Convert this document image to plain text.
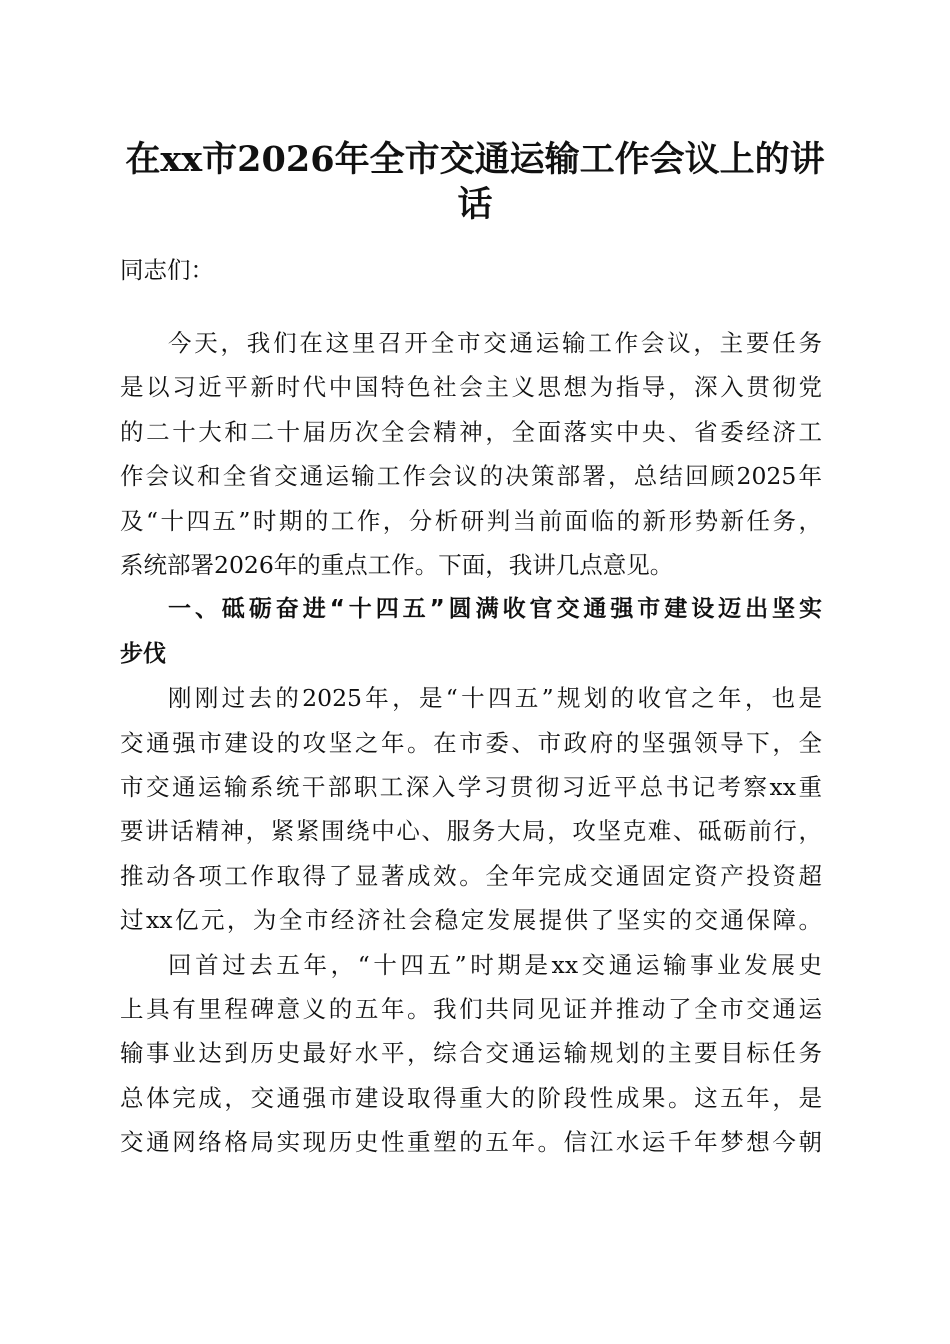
在xx市2026年全市交通运输工作会议上的讲
话
同志们：
今天，我们在这里召开全市交通运输工作会议，主要任务
是以习近平新时代中国特色社会主义思想为指导，深入贯彻党
的二十大和二十届历次全会精神，全面落实中央、省委经济工
作会议和全省交通运输工作会议的决策部署，总结回顾2025年
及“十四五”时期的工作，分析研判当前面临的新形势新任务，
系统部署2026年的重点工作。下面，我讲几点意见。
一、砥砺奋进“十四五”圆满收官交通强市建设迈出坚实
步伐
刚刚过去的2025年，是“十四五”规划的收官之年，也是
交通强市建设的攻坚之年。在市委、市政府的坚强领导下，全
市交通运输系统干部职工深入学习贯彻习近平总书记考察xx重
要讲话精神，紧紧围绕中心、服务大局，攻坚克难、砥砺前行，
推动各项工作取得了显著成效。全年完成交通固定资产投资超
过xx亿元，为全市经济社会稳定发展提供了坚实的交通保障。
回首过去五年，“十四五”时期是xx交通运输事业发展史
上具有里程碑意义的五年。我们共同见证并推动了全市交通运
输事业达到历史最好水平，综合交通运输规划的主要目标任务
总体完成，交通强市建设取得重大的阶段性成果。这五年，是
交通网络格局实现历史性重塑的五年。信江水运千年梦想今朝
